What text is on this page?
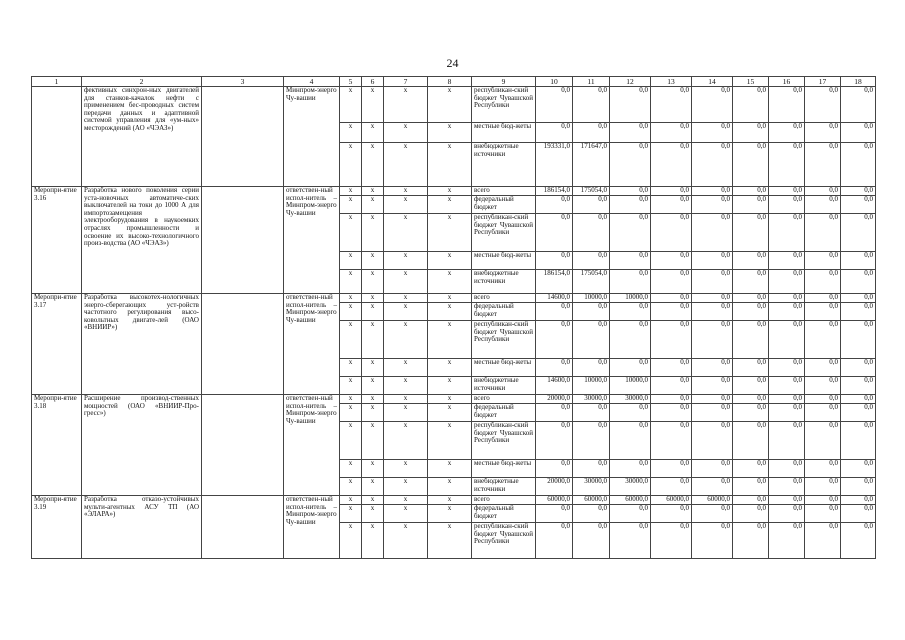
24
1	2	3	4	5	6	7	8	9	10	11	12	13	14	15	16	17	18
	фективных синхрон-ных двигателей для станков-качалок нефти с применением бес-проводных систем передачи данных и адаптивной системой управления для «ум-ных» месторождений (АО «ЧЭАЗ»)		Минпром-энерго Чу-вашии	x	x	x	x	республикан-ский бюджет Чувашской Республики	0,0	0,0	0,0	0,0	0,0	0,0	0,0	0,0	0,0
				x	x	x	x	местные бюд-жеты	0,0	0,0	0,0	0,0	0,0	0,0	0,0	0,0	0,0
				x	x	x	x	внебюджетные источники	193331,0	171647,0	0,0	0,0	0,0	0,0	0,0	0,0	0,0
Меропри-ятие 3.16	Разработка нового поколения серии уста-новочных автоматиче-ских выключателей на токи до 1000 А для импортозамещения электрооборудования в наукоемких отраслях промышленности и освоение их высоко-технологичного произ-водства (АО «ЧЭАЗ»)		ответствен-ный испол-нитель – Минпром-энерго Чу-вашии	x	x	x	x	всего	186154,0	175054,0	0,0	0,0	0,0	0,0	0,0	0,0	0,0
				x	x	x	x	федеральный бюджет	0,0	0,0	0,0	0,0	0,0	0,0	0,0	0,0	0,0
				x	x	x	x	республикан-ский бюджет Чувашской Республики	0,0	0,0	0,0	0,0	0,0	0,0	0,0	0,0	0,0
				x	x	x	x	местные бюд-жеты	0,0	0,0	0,0	0,0	0,0	0,0	0,0	0,0	0,0
				x	x	x	x	внебюджетные источники	186154,0	175054,0	0,0	0,0	0,0	0,0	0,0	0,0	0,0
Меропри-ятие 3.17	Разработка высокотех-нологичных энерго-сберегающих уст-ройств частотного регулирования высо-ковольтных двигате-лей (ОАО «ВНИИР»)		ответствен-ный испол-нитель – Минпром-энерго Чу-вашии	x	x	x	x	всего	14600,0	10000,0	10000,0	0,0	0,0	0,0	0,0	0,0	0,0
				x	x	x	x	федеральный бюджет	0,0	0,0	0,0	0,0	0,0	0,0	0,0	0,0	0,0
				x	x	x	x	республикан-ский бюджет Чувашской Республики	0,0	0,0	0,0	0,0	0,0	0,0	0,0	0,0	0,0
				x	x	x	x	местные бюд-жеты	0,0	0,0	0,0	0,0	0,0	0,0	0,0	0,0	0,0
				x	x	x	x	внебюджетные источники	14600,0	10000,0	10000,0	0,0	0,0	0,0	0,0	0,0	0,0
Меропри-ятие 3.18	Расширение производ-ственных мощностей (ОАО «ВНИИР-Про-гресс»)		ответствен-ный испол-нитель – Минпром-энерго Чу-вашии	x	x	x	x	всего	20000,0	30000,0	30000,0	0,0	0,0	0,0	0,0	0,0	0,0
				x	x	x	x	федеральный бюджет	0,0	0,0	0,0	0,0	0,0	0,0	0,0	0,0	0,0
				x	x	x	x	республикан-ский бюджет Чувашской Республики	0,0	0,0	0,0	0,0	0,0	0,0	0,0	0,0	0,0
				x	x	x	x	местные бюд-жеты	0,0	0,0	0,0	0,0	0,0	0,0	0,0	0,0	0,0
				x	x	x	x	внебюджетные источники	20000,0	30000,0	30000,0	0,0	0,0	0,0	0,0	0,0	0,0
Меропри-ятие 3.19	Разработка отказо-устойчивых мульти-агентных АСУ ТП (АО «ЭЛАРА»)		ответствен-ный испол-нитель – Минпром-энерго Чу-вашии	x	x	x	x	всего	60000,0	60000,0	60000,0	60000,0	60000,0	0,0	0,0	0,0	0,0
				x	x	x	x	федеральный бюджет	0,0	0,0	0,0	0,0	0,0	0,0	0,0	0,0	0,0
				x	x	x	x	республикан-ский бюджет Чувашской Республики	0,0	0,0	0,0	0,0	0,0	0,0	0,0	0,0	0,0
